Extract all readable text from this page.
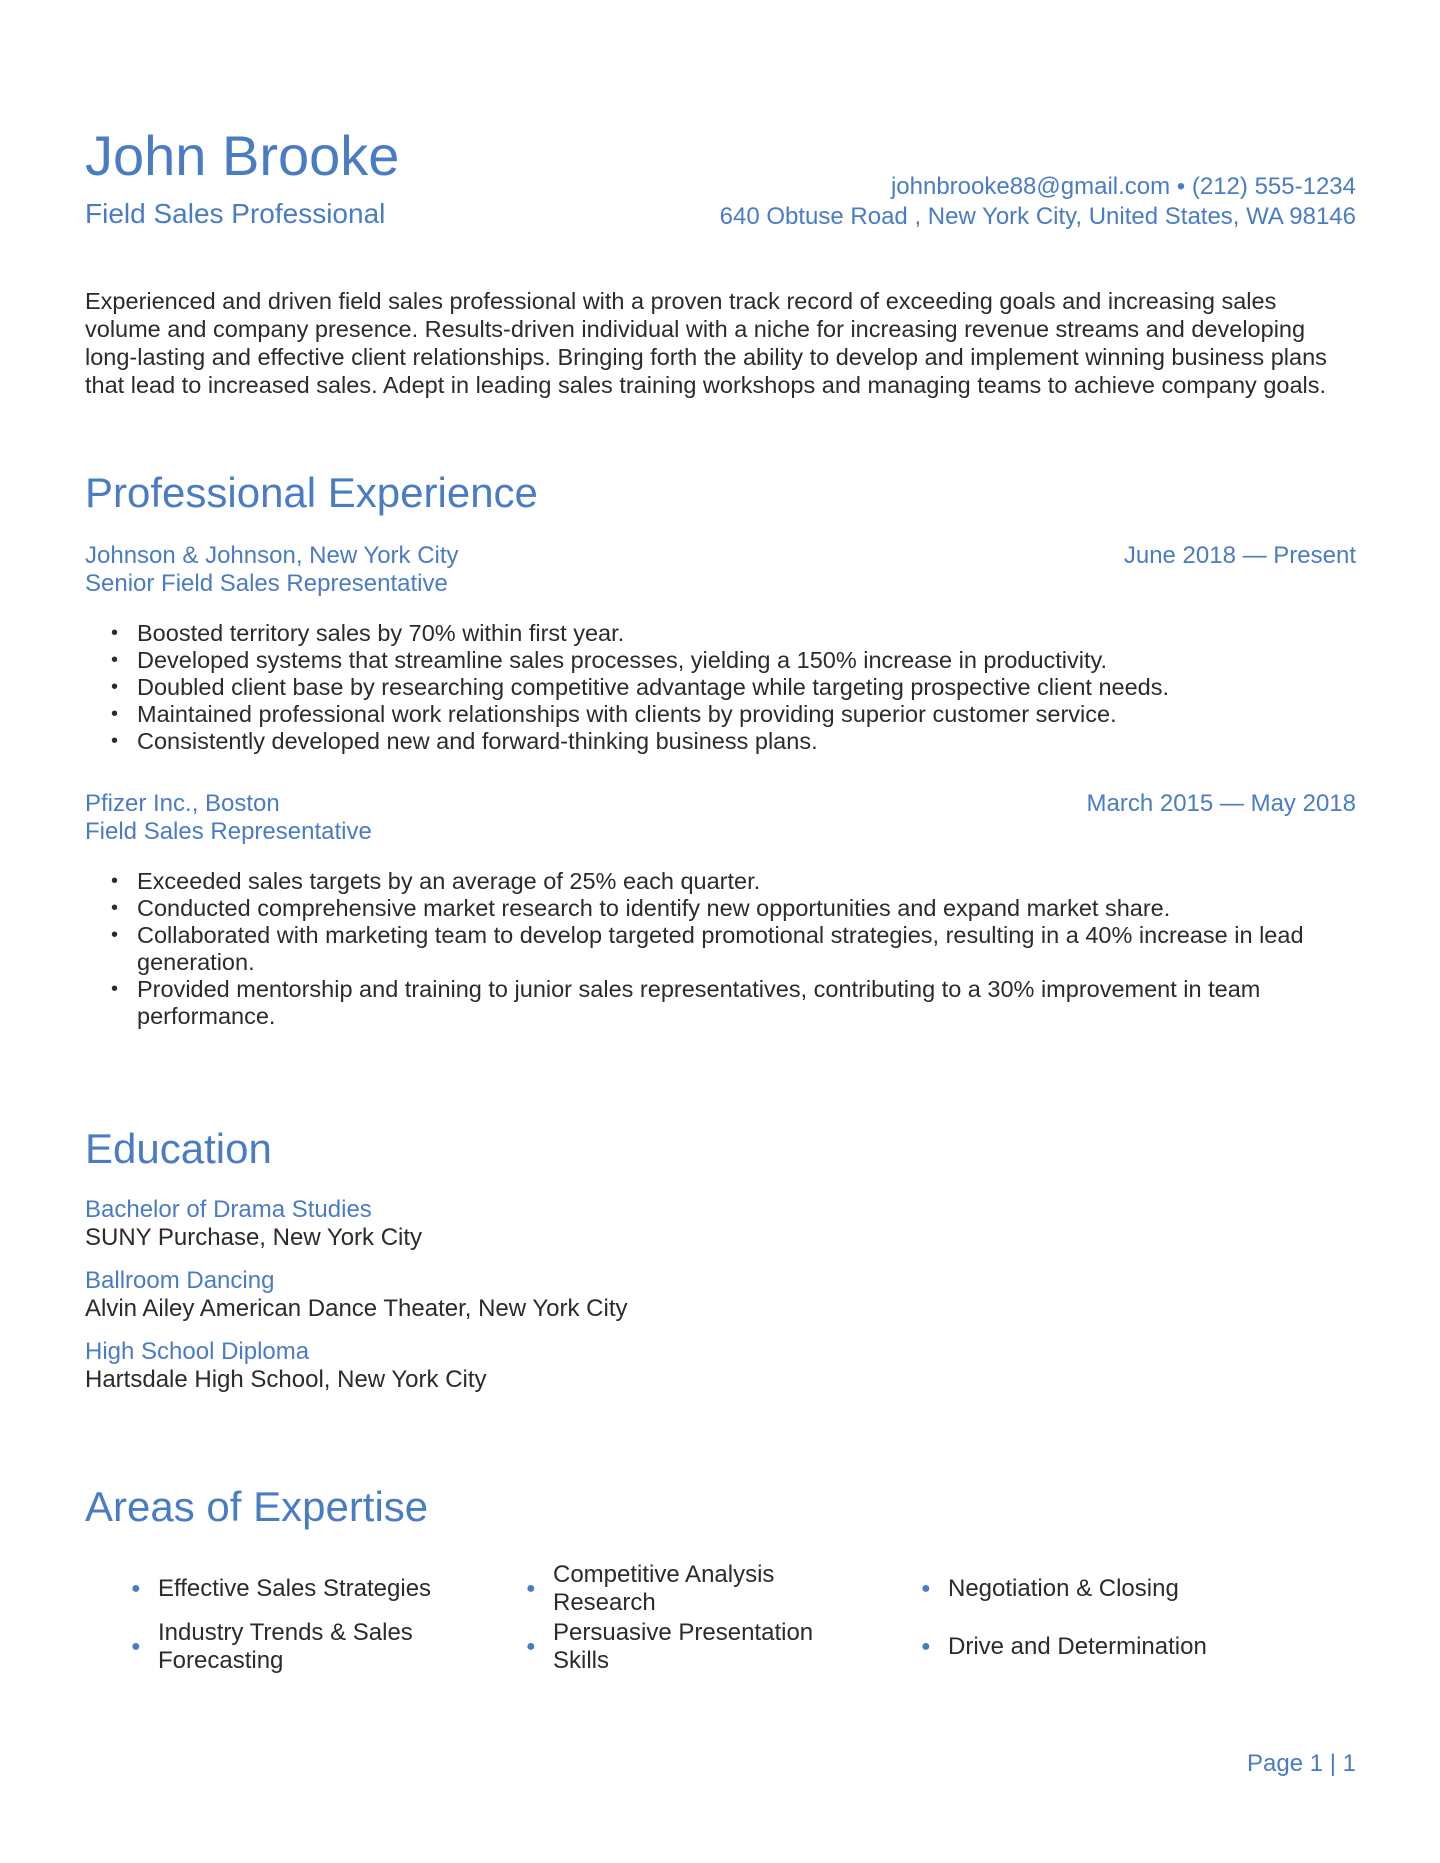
John Brooke
Field Sales Professional
johnbrooke88@gmail.com • (212) 555-1234
640 Obtuse Road , New York City, United States, WA 98146

Experienced and driven field sales professional with a proven track record of exceeding goals and increasing sales volume and company presence. Results-driven individual with a niche for increasing revenue streams and developing long-lasting and effective client relationships. Bringing forth the ability to develop and implement winning business plans that lead to increased sales. Adept in leading sales training workshops and managing teams to achieve company goals.

Professional Experience
Johnson & Johnson, New York City
Senior Field Sales Representative
June 2018 — Present
• Boosted territory sales by 70% within first year.
• Developed systems that streamline sales processes, yielding a 150% increase in productivity.
• Doubled client base by researching competitive advantage while targeting prospective client needs.
• Maintained professional work relationships with clients by providing superior customer service.
• Consistently developed new and forward-thinking business plans.
Pfizer Inc., Boston
Field Sales Representative
March 2015 — May 2018
• Exceeded sales targets by an average of 25% each quarter.
• Conducted comprehensive market research to identify new opportunities and expand market share.
• Collaborated with marketing team to develop targeted promotional strategies, resulting in a 40% increase in lead generation.
• Provided mentorship and training to junior sales representatives, contributing to a 30% improvement in team performance.
Education
Bachelor of Drama Studies
SUNY Purchase, New York City
Ballroom Dancing
Alvin Ailey American Dance Theater, New York City
High School Diploma
Hartsdale High School, New York City
Areas of Expertise
● Effective Sales Strategies	●
Competitive Analysis Research
● Negotiation & Closing
●
Industry Trends & Sales Forecasting
●
Persuasive Presentation Skills
● Drive and Determination
Page 1 | 1
